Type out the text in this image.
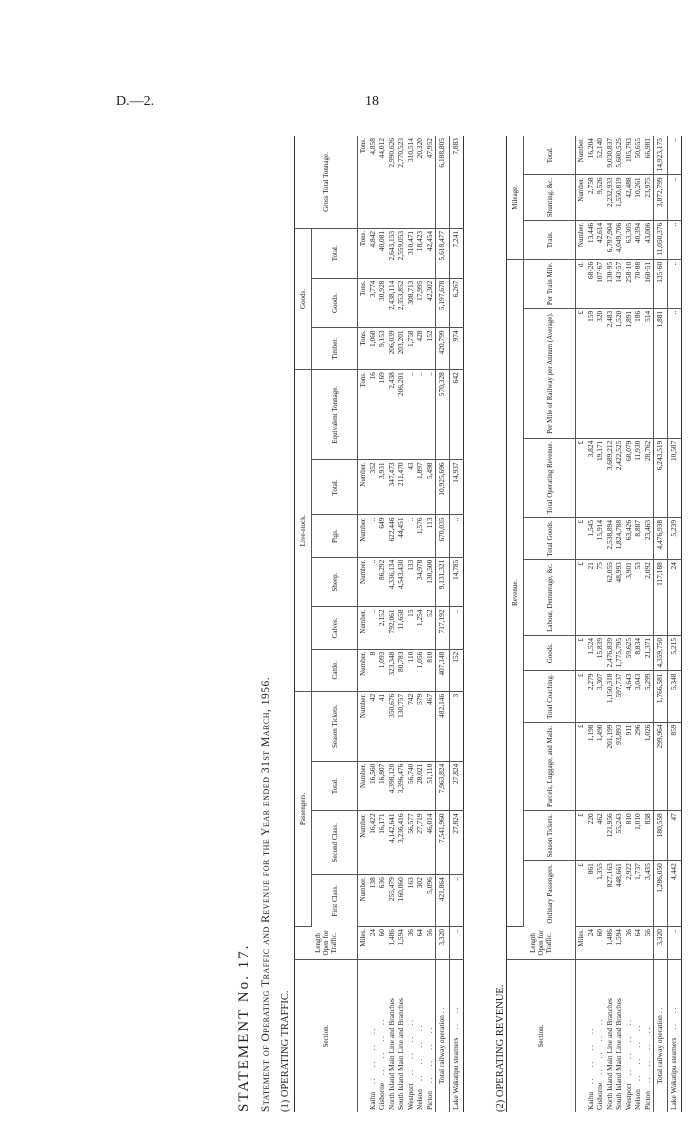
D.—2.	18
STATEMENT No. 17. Statement of Operating Traffic and Revenue for the Year ended 31st March, 1956. (1) OPERATING TRAFFIC.	Section.	Length Open for Traffic.	Passengers.				Live-stock.						Goods.			Gross Total Tonnage.
		First Class.	Second Class.	Total.	Season Tickets.	Cattle.	Calves.	Sheep.	Pigs.	Total.	Equivalent Tonnage.	Timber.	Goods.	Total.	
	Miles.	Number.	Number.	Number.	Number.	Number.	Number.	Number.	Number.	Number.	Tons.	Tons.	Tons.	Tons.	Tons.
Kaihu. .      . .      . .      . .	24	138	16,422	16,560	42	8	..	..	..	352	16	1,068	3,774	4,842	4,858
Gisborne. .      . .      . .      . .	60	636	16,171	16,807	41	1,093	2,152	86,292	649	3,931	169	9,153	30,928	40,081	44,012
North Island Main Line and Branches	1,486	255,479	4,142,641	4,398,120	350,676	323,348	792,061	4,336,134	622,446	347,473	2,438	206,039	2,438,114	2,643,153	2,990,626
South Island Main Line and Branches	1,594	160,060	3,236,416	3,396,476	130,757	80,783	11,658	4,543,430	44,451	211,470	206,201	203,201	2,353,852	2,559,053	2,770,523
Westport. .      . .      . .      . .	36	163	56,577	56,740	742	110	15	133	..	43	..	1,758	308,713	310,471	310,514
Nelson. .      . .      . .      . .	64	302	27,719	28,021	579	1,056	1,254	34,978	1,576	1,897	..	428	17,995	18,423	20,320
Picton. .      . .      . .      . .	56	5,096	46,014	51,110	467	810	52	130,500	113	5,498	..	152	42,302	42,454	47,952
Total railway operation . .	3,320	421,864	7,541,960	7,963,824	482,146	407,148	717,192	9,131,321	670,035	10,925,696	570,328	420,799	5,197,678	5,618,477	6,188,805
Lake Wakatipu steamers. .      . .	..	..	27,824	27,824	3	152	..	14,785	..	14,937	642	974	6,267	7,241	7,883
(2) OPERATING REVENUE.	Section.	Length Open for Traffic.	Revenue.										Mileage.		
		Ordinary Passengers.	Season Tickets.	Parcels, Luggage, and Mails.	Total Coaching.	Goods.	Labour, Demurrage, &c.	Total Goods.	Total Operating Revenue.	Per Mile of Railway per Annum (Average).	Per Train Mile.	Train.	Shunting, &c.	Total.
	Miles.	£	£	£	£	£	£	£	£	£	d.	Number.	Number.	Number.
Kaihu. .      . .      . .      . .	24	861	220	1,198	2,279	1,524	21	1,545	3,824	159	68·26	13,446	2,758	16,204
Gisborne. .      . .      . .      . .	60	1,355	462	1,490	3,307	15,839	75	15,914	19,171	320	107·67	42,614	9,526	52,140
North Island Main Line and Branches	1,486	827,163	121,956	201,199	1,150,318	2,476,839	62,055	2,538,894	3,689,212	2,483	130·95	6,797,904	2,232,933	9,030,837
South Island Main Line and Branches	1,594	448,661	55,243	93,893	597,737	1,775,795	48,993	1,824,788	2,422,525	1,520	143·57	4,049,706	1,550,819	5,600,525
Westport. .      . .      . .      . .	36	2,922	810	911	4,643	59,625	3,901	63,426	68,079	1,891	258·10	63,305	42,488	105,793
Nelson. .      . .      . .      . .	64	1,737	1,010	296	3,043	8,834	53	8,887	11,930	186	70·88	40,394	10,261	50,655
Picton. .      . .      . .      . .	56	3,435	838	1,026	5,299	21,371	2,092	23,463	28,762	514	160·51	43,006	23,975	66,981
Total railway operation . .	3,320	1,286,050	180,558	299,964	1,766,581	4,359,750	117,188	4,476,938	6,243,519	1,881	135·60	11,050,376	3,872,799	14,923,175
Lake Wakatipu steamers. .      . .	..	4,442	47	859	5,348	5,215	24	5,239	10,587	..	..	..	..	..
